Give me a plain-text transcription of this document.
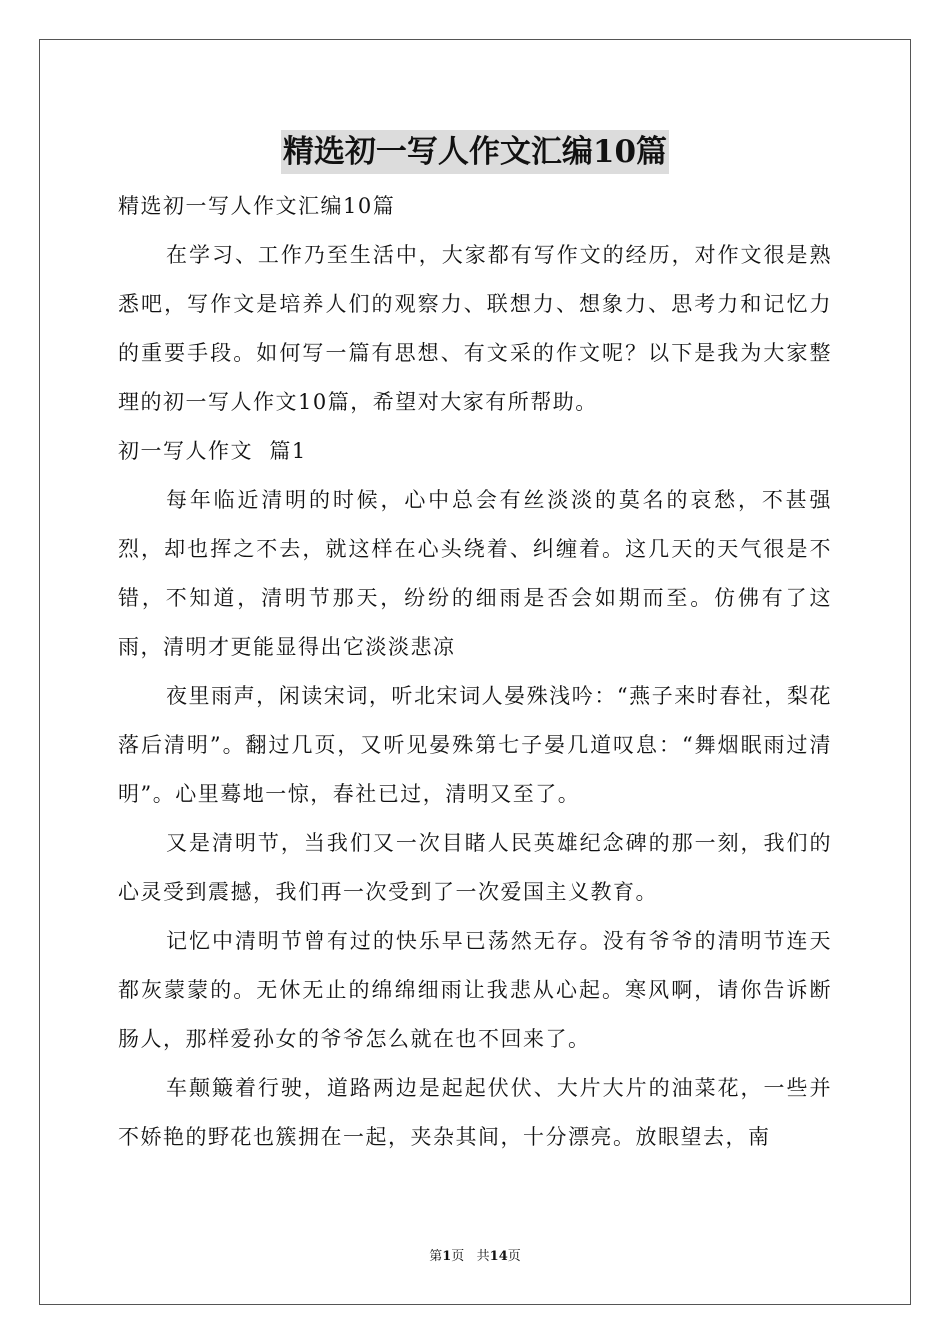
精选初一写人作文汇编10篇

精选初一写人作文汇编10篇

在学习、工作乃至生活中，大家都有写作文的经历，对作文很是熟悉吧，写作文是培养人们的观察力、联想力、想象力、思考力和记忆力的重要手段。如何写一篇有思想、有文采的作文呢？以下是我为大家整理的初一写人作文10篇，希望对大家有所帮助。

初一写人作文  篇1

每年临近清明的时候，心中总会有丝淡淡的莫名的哀愁，不甚强烈，却也挥之不去，就这样在心头绕着、纠缠着。这几天的天气很是不错，不知道，清明节那天，纷纷的细雨是否会如期而至。仿佛有了这雨，清明才更能显得出它淡淡悲凉

夜里雨声，闲读宋词，听北宋词人晏殊浅吟：“燕子来时春社，梨花落后清明”。翻过几页，又听见晏殊第七子晏几道叹息：“舞烟眠雨过清明”。心里蓦地一惊，春社已过，清明又至了。

又是清明节，当我们又一次目睹人民英雄纪念碑的那一刻，我们的心灵受到震撼，我们再一次受到了一次爱国主义教育。

记忆中清明节曾有过的快乐早已荡然无存。没有爷爷的清明节连天都灰蒙蒙的。无休无止的绵绵细雨让我悲从心起。寒风啊，请你告诉断肠人，那样爱孙女的爷爷怎么就在也不回来了。

车颠簸着行驶，道路两边是起起伏伏、大片大片的油菜花，一些并不娇艳的野花也簇拥在一起，夹杂其间，十分漂亮。放眼望去，南

第1页   共14页
